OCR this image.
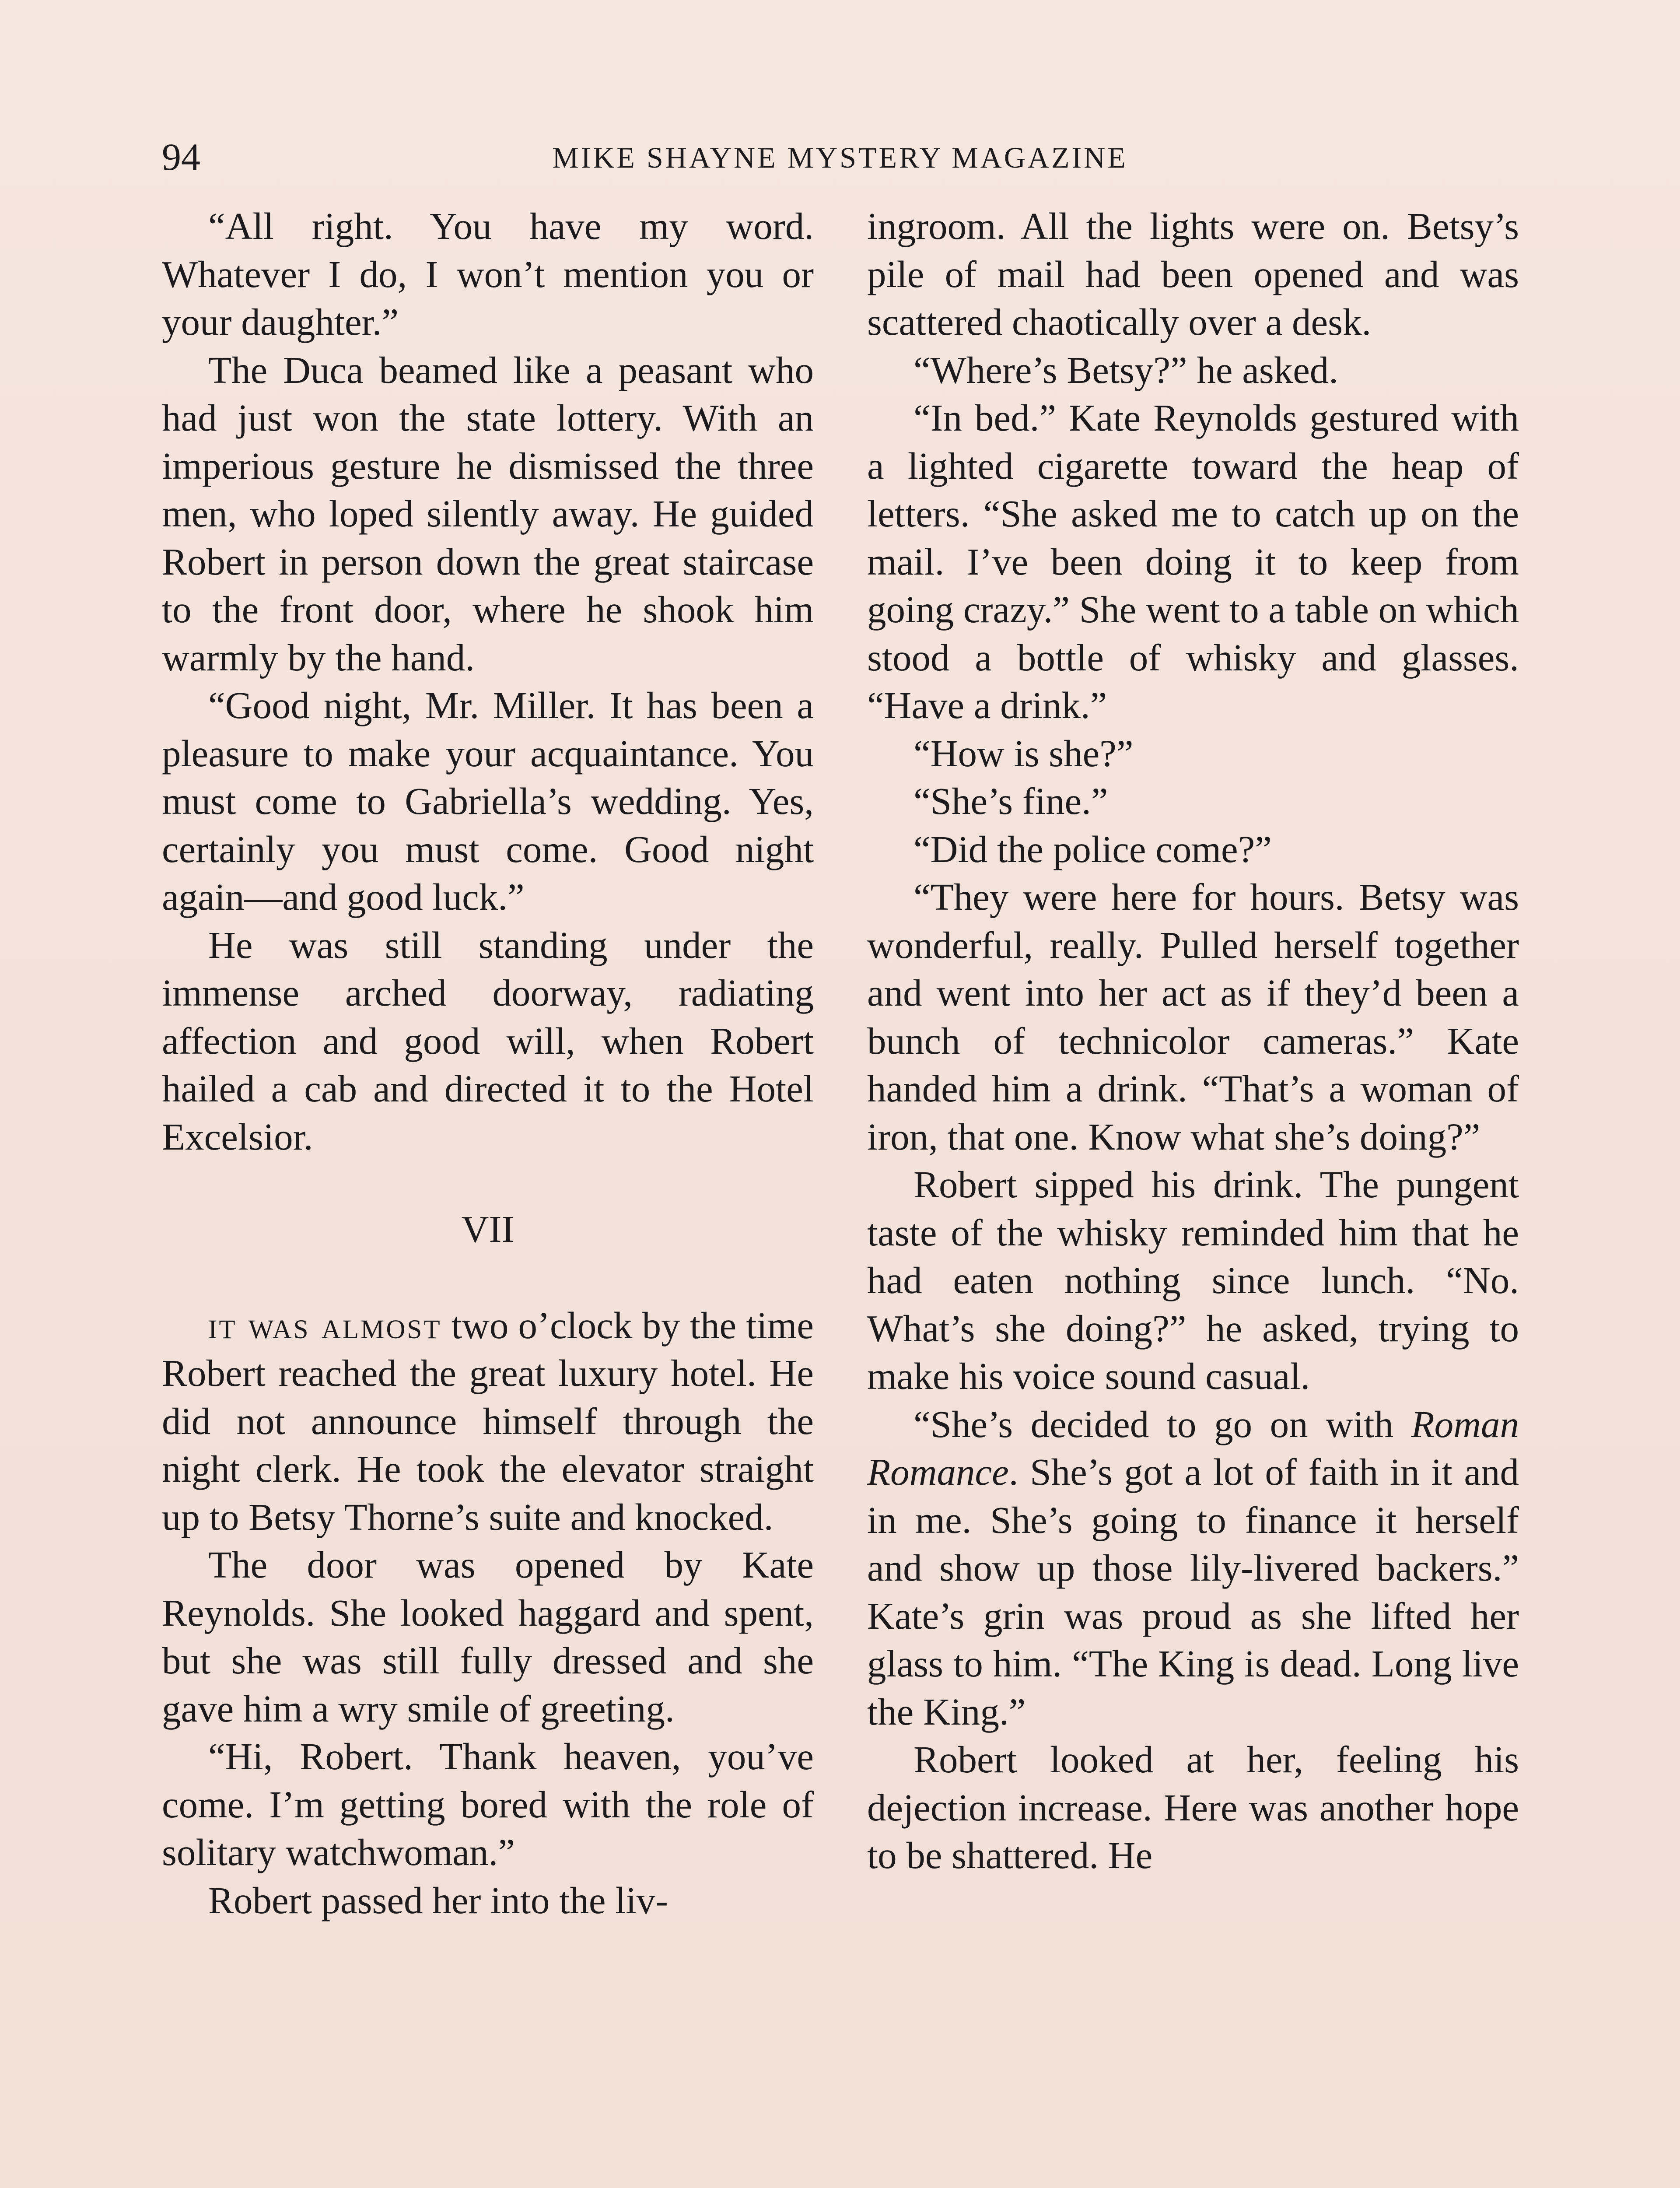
94	MIKE SHAYNE MYSTERY MAGAZINE

“All right. You have my word. Whatever I do, I won’t mention you or your daughter.”

The Duca beamed like a peasant who had just won the state lottery. With an imperious gesture he dismissed the three men, who loped silently away. He guided Robert in person down the great staircase to the front door, where he shook him warmly by the hand.

“Good night, Mr. Miller. It has been a pleasure to make your acquaintance. You must come to Gabriella’s wedding. Yes, certainly you must come. Good night again—and good luck.”

He was still standing under the immense arched doorway, radiating affection and good will, when Robert hailed a cab and directed it to the Hotel Excelsior.

VII

it was almost two o’clock by the time Robert reached the great luxury hotel. He did not announce himself through the night clerk. He took the elevator straight up to Betsy Thorne’s suite and knocked.

The door was opened by Kate Reynolds. She looked haggard and spent, but she was still fully dressed and she gave him a wry smile of greeting.

“Hi, Robert. Thank heaven, you’ve come. I’m getting bored with the role of solitary watchwoman.”

Robert passed her into the liv-

ingroom. All the lights were on. Betsy’s pile of mail had been opened and was scattered chaotically over a desk.

“Where’s Betsy?” he asked.

“In bed.” Kate Reynolds gestured with a lighted cigarette toward the heap of letters. “She asked me to catch up on the mail. I’ve been doing it to keep from going crazy.” She went to a table on which stood a bottle of whisky and glasses. “Have a drink.”

“How is she?”

“She’s fine.”

“Did the police come?”

“They were here for hours. Betsy was wonderful, really. Pulled herself together and went into her act as if they’d been a bunch of technicolor cameras.” Kate handed him a drink. “That’s a woman of iron, that one. Know what she’s doing?”

Robert sipped his drink. The pungent taste of the whisky reminded him that he had eaten nothing since lunch. “No. What’s she doing?” he asked, trying to make his voice sound casual.

“She’s decided to go on with Roman Romance. She’s got a lot of faith in it and in me. She’s going to finance it herself and show up those lily-livered backers.” Kate’s grin was proud as she lifted her glass to him. “The King is dead. Long live the King.”

Robert looked at her, feeling his dejection increase. Here was another hope to be shattered. He
